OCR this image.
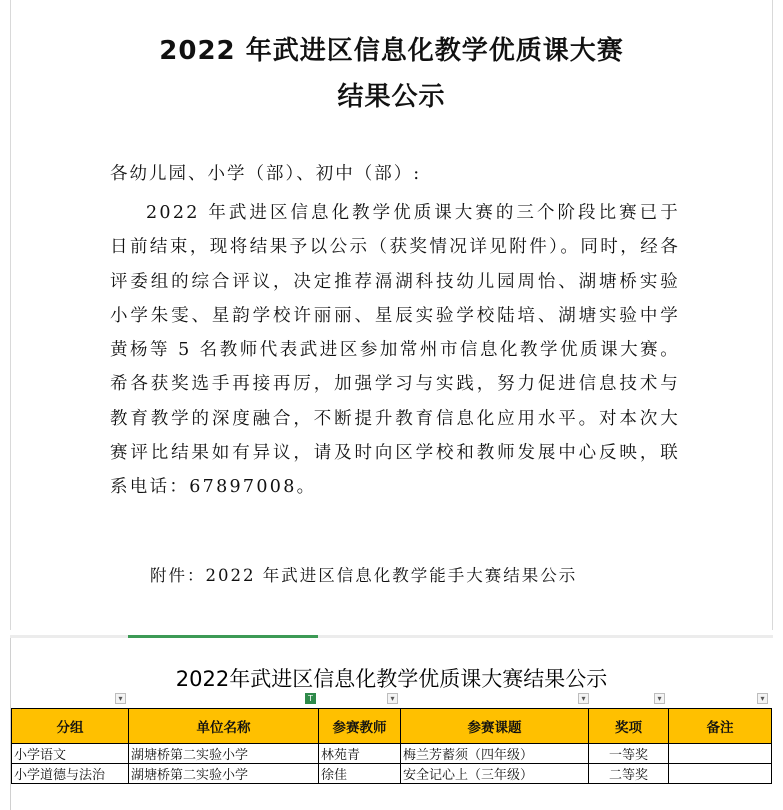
2022 年武进区信息化教学优质课大赛
结果公示
各幼儿园、小学（部）、初中（部）:

2022 年武进区信息化教学优质课大赛的三个阶段比赛已于日前结束，现将结果予以公示（获奖情况详见附件）。同时，经各评委组的综合评议，决定推荐滆湖科技幼儿园周怡、湖塘桥实验小学朱雯、星韵学校许丽丽、星辰实验学校陆培、湖塘实验中学黄杨等 5 名教师代表武进区参加常州市信息化教学优质课大赛。希各获奖选手再接再厉，加强学习与实践，努力促进信息技术与教育教学的深度融合，不断提升教育信息化应用水平。对本次大赛评比结果如有异议，请及时向区学校和教师发展中心反映，联系电话：67897008。

附件：2022 年武进区信息化教学能手大赛结果公示
2022年武进区信息化教学优质课大赛结果公示
▾	T	▾	▾	▾	▾
分组	单位名称	参赛教师	参赛课题	奖项	备注
小学语文	湖塘桥第二实验小学	林苑青	梅兰芳蓄须（四年级）	一等奖	
小学道德与法治	湖塘桥第二实验小学	徐佳	安全记心上（三年级）	二等奖	
